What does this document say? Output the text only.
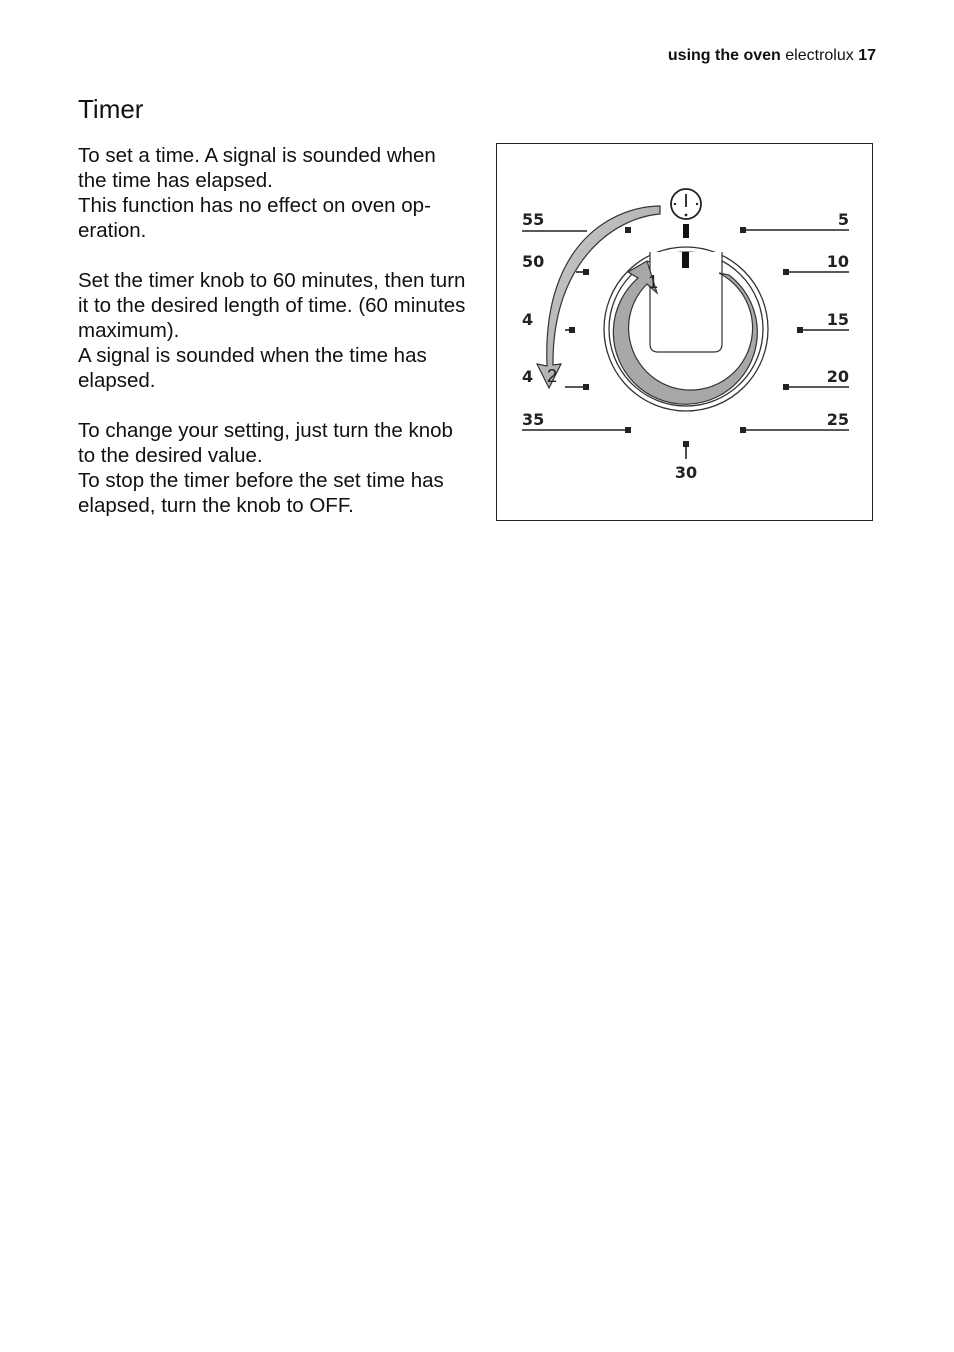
using the oven electrolux 17
Timer

To set a time. A signal is sounded when the time has elapsed.
This function has no effect on oven op-eration.

Set the timer knob to 60 minutes, then turn it to the desired length of time. (60 minutes maximum).
A signal is sounded when the time has elapsed.

To change your setting, just turn the knob to the desired value.
To stop the timer before the set time has elapsed, turn the knob to OFF.

1
2
5
10
15
20
25
30
35
4
4
50
55
